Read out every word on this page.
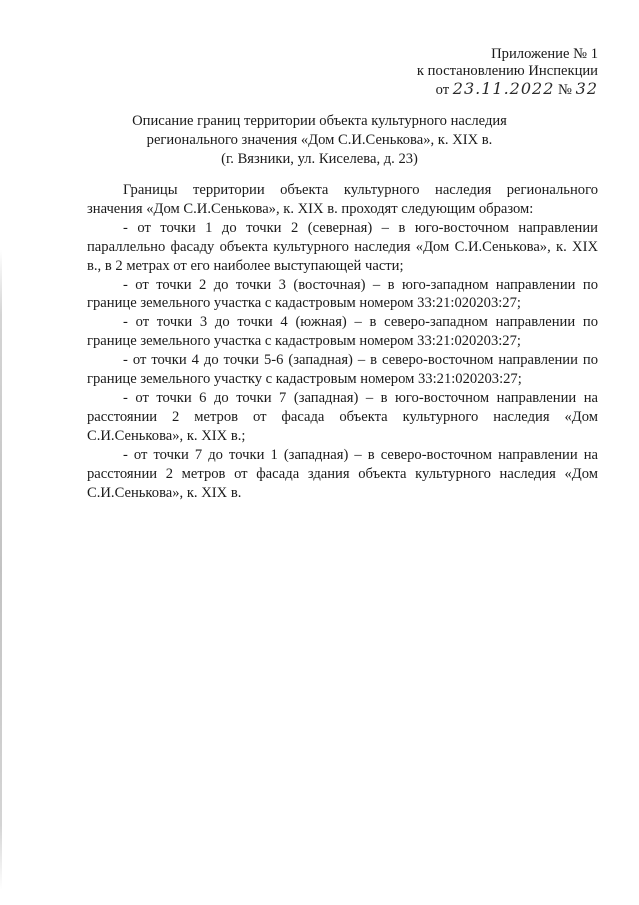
Приложение № 1
к постановлению Инспекции
от 23.11.2022 № 32
Описание границ территории объекта культурного наследия
регионального значения «Дом С.И.Сенькова», к. XIX в.
(г. Вязники, ул. Киселева, д. 23)

Границы территории объекта культурного наследия регионального значения «Дом С.И.Сенькова», к. XIX в. проходят следующим образом:

- от точки 1 до точки 2 (северная) – в юго-восточном направлении параллельно фасаду объекта культурного наследия «Дом С.И.Сенькова», к. XIX в., в 2 метрах от его наиболее выступающей части;

- от точки 2 до точки 3 (восточная) – в юго-западном направлении по границе земельного участка с кадастровым номером 33:21:020203:27;

- от точки 3 до точки 4 (южная) – в северо-западном направлении по границе земельного участка с кадастровым номером 33:21:020203:27;

- от точки 4 до точки 5-6 (западная) – в северо-восточном направлении по границе земельного участку с кадастровым номером 33:21:020203:27;

- от точки 6 до точки 7 (западная) – в юго-восточном направлении на расстоянии 2 метров от фасада объекта культурного наследия «Дом С.И.Сенькова», к. XIX в.;

- от точки 7 до точки 1 (западная) – в северо-восточном направлении на расстоянии 2 метров от фасада здания объекта культурного наследия «Дом С.И.Сенькова», к. XIX в.
